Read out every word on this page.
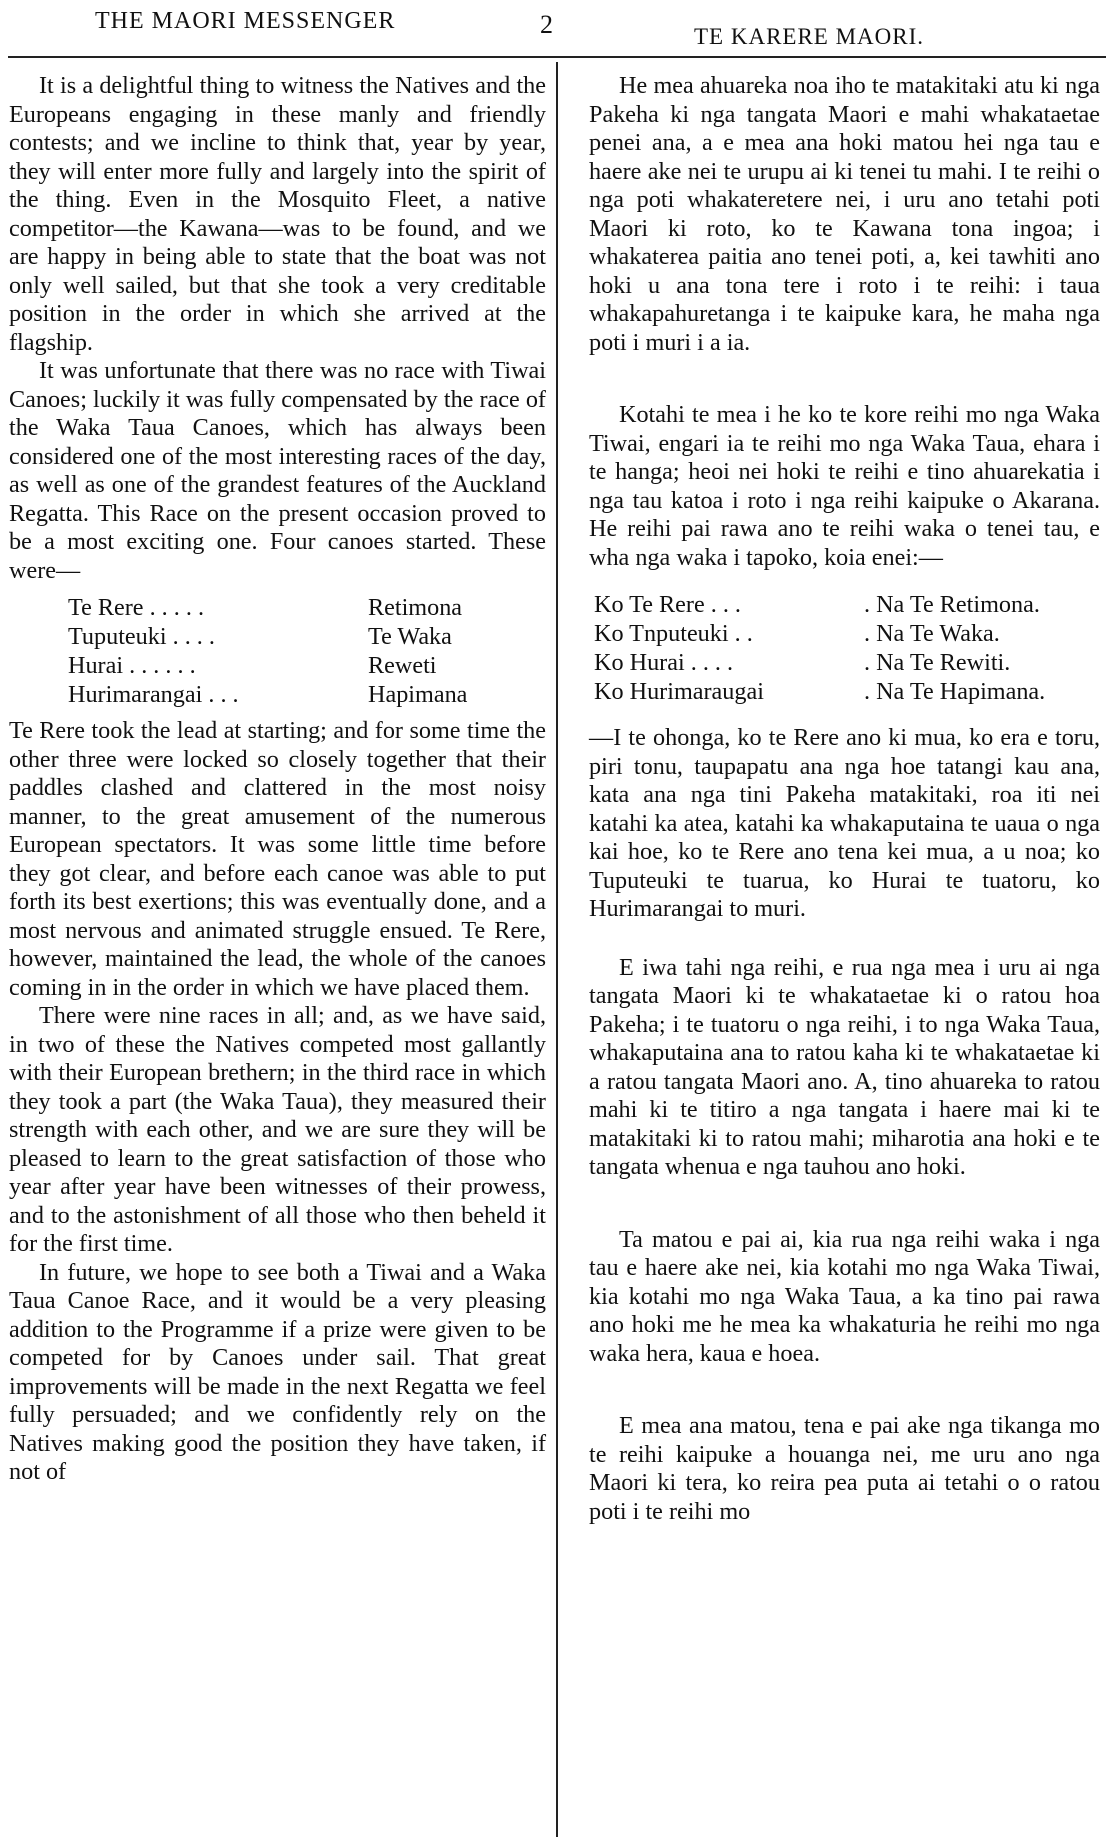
THE MAORI MESSENGER	2	TE KARERE MAORI.

It is a delightful thing to witness the Natives and the Europeans engaging in these manly and friendly contests; and we incline to think that, year by year, they will enter more fully and largely into the spirit of the thing. Even in the Mosquito Fleet, a native competitor—the Kawana—was to be found, and we are happy in being able to state that the boat was not only well sailed, but that she took a very creditable position in the order in which she arrived at the flagship.

It was unfortunate that there was no race with Tiwai Canoes; luckily it was fully compensated by the race of the Waka Taua Canoes, which has always been considered one of the most interesting races of the day, as well as one of the grandest features of the Auckland Regatta. This Race on the present occasion proved to be a most exciting one. Four canoes started. These were—

Te Rere . . . . .	Retimona
Tuputeuki . . . .	Te Waka
Hurai . . . . . .	Reweti
Hurimarangai . . .	Hapimana

Te Rere took the lead at starting; and for some time the other three were locked so closely together that their paddles clashed and clattered in the most noisy manner, to the great amusement of the numerous European spectators. It was some little time before they got clear, and before each canoe was able to put forth its best exertions; this was eventually done, and a most nervous and animated struggle ensued. Te Rere, however, maintained the lead, the whole of the canoes coming in in the order in which we have placed them.

There were nine races in all; and, as we have said, in two of these the Natives competed most gallantly with their European brethern; in the third race in which they took a part (the Waka Taua), they measured their strength with each other, and we are sure they will be pleased to learn to the great satisfaction of those who year after year have been witnesses of their prowess, and to the astonishment of all those who then beheld it for the first time.

In future, we hope to see both a Tiwai and a Waka Taua Canoe Race, and it would be a very pleasing addition to the Programme if a prize were given to be competed for by Canoes under sail. That great improvements will be made in the next Regatta we feel fully persuaded; and we confidently rely on the Natives making good the position they have taken, if not of

He mea ahuareka noa iho te matakitaki atu ki nga Pakeha ki nga tangata Maori e mahi whakataetae penei ana, a e mea ana hoki matou hei nga tau e haere ake nei te urupu ai ki tenei tu mahi. I te reihi o nga poti whakateretere nei, i uru ano tetahi poti Maori ki roto, ko te Kawana tona ingoa; i whakaterea paitia ano tenei poti, a, kei tawhiti ano hoki u ana tona tere i roto i te reihi: i taua whakapahuretanga i te kaipuke kara, he maha nga poti i muri i a ia.

Kotahi te mea i he ko te kore reihi mo nga Waka Tiwai, engari ia te reihi mo nga Waka Taua, ehara i te hanga; heoi nei hoki te reihi e tino ahuarekatia i nga tau katoa i roto i nga reihi kaipuke o Akarana. He reihi pai rawa ano te reihi waka o tenei tau, e wha nga waka i tapoko, koia enei:—

Ko Te Rere . . .	. Na Te Retimona.
Ko Tnputeuki . .	. Na Te Waka.
Ko Hurai . . . .	. Na Te Rewiti.
Ko Hurimaraugai	. Na Te Hapimana.

—I te ohonga, ko te Rere ano ki mua, ko era e toru, piri tonu, taupapatu ana nga hoe tatangi kau ana, kata ana nga tini Pakeha matakitaki, roa iti nei katahi ka atea, katahi ka whakaputaina te uaua o nga kai hoe, ko te Rere ano tena kei mua, a u noa; ko Tuputeuki te tuarua, ko Hurai te tuatoru, ko Hurimarangai to muri.

E iwa tahi nga reihi, e rua nga mea i uru ai nga tangata Maori ki te whakataetae ki o ratou hoa Pakeha; i te tuatoru o nga reihi, i to nga Waka Taua, whakaputaina ana to ratou kaha ki te whakataetae ki a ratou tangata Maori ano. A, tino ahuareka to ratou mahi ki te titiro a nga tangata i haere mai ki te matakitaki ki to ratou mahi; miharotia ana hoki e te tangata whenua e nga tauhou ano hoki.

Ta matou e pai ai, kia rua nga reihi waka i nga tau e haere ake nei, kia kotahi mo nga Waka Tiwai, kia kotahi mo nga Waka Taua, a ka tino pai rawa ano hoki me he mea ka whakaturia he reihi mo nga waka hera, kaua e hoea.

E mea ana matou, tena e pai ake nga tikanga mo te reihi kaipuke a houanga nei, me uru ano nga Maori ki tera, ko reira pea puta ai tetahi o o ratou poti i te reihi mo
